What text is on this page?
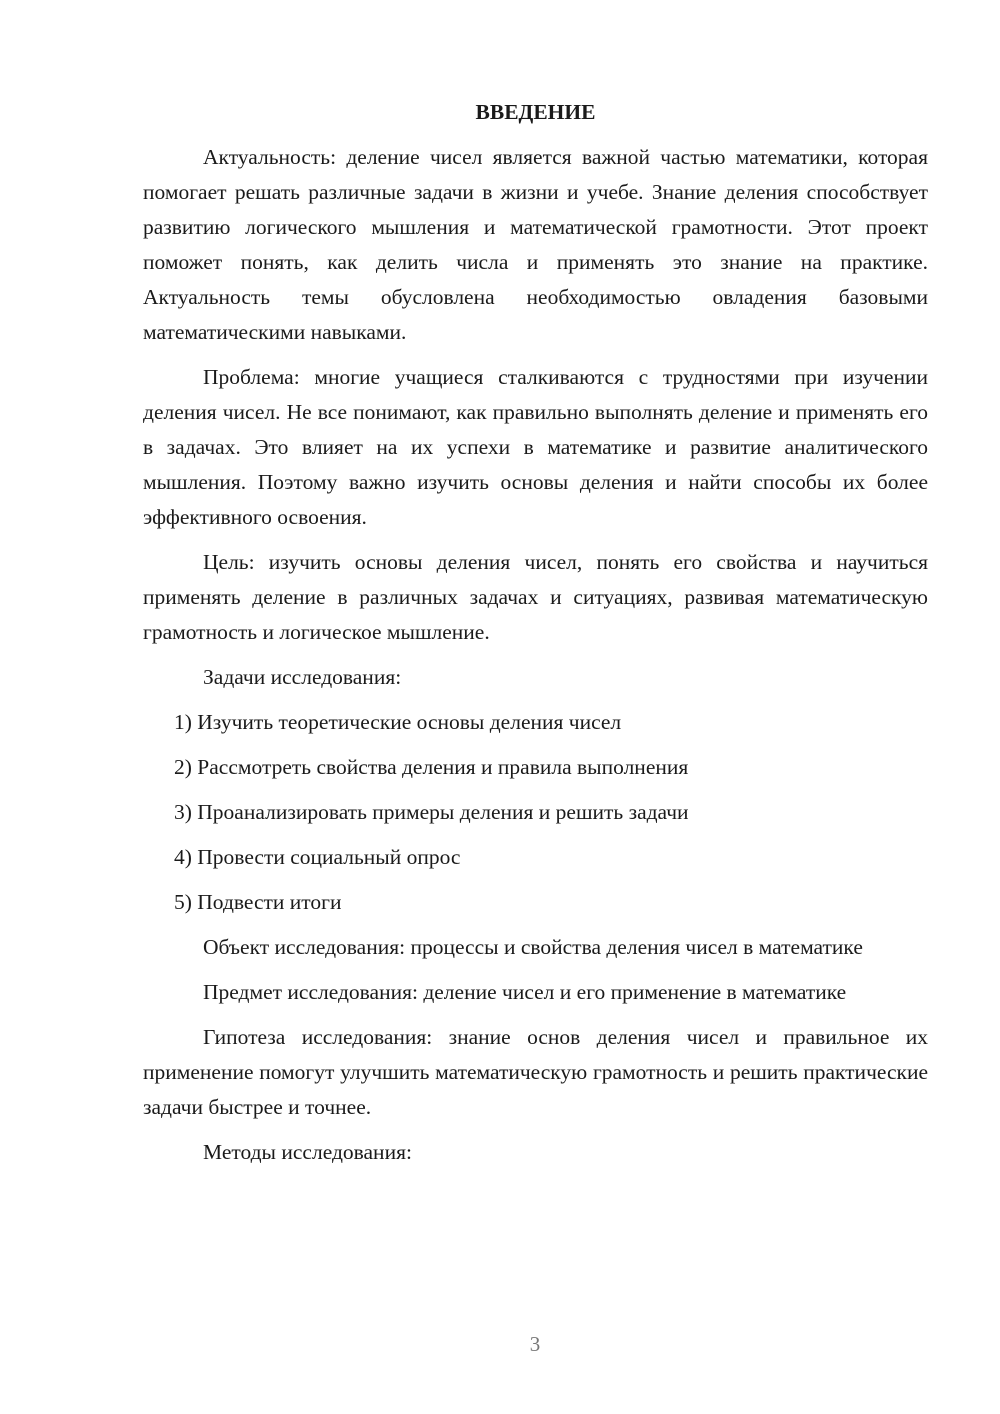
ВВЕДЕНИЕ

Актуальность: деление чисел является важной частью математики, которая помогает решать различные задачи в жизни и учебе. Знание деления способствует развитию логического мышления и математической грамотности. Этот проект поможет понять, как делить числа и применять это знание на практике. Актуальность темы обусловлена необходимостью овладения базовыми математическими навыками.

Проблема: многие учащиеся сталкиваются с трудностями при изучении деления чисел. Не все понимают, как правильно выполнять деление и применять его в задачах. Это влияет на их успехи в математике и развитие аналитического мышления. Поэтому важно изучить основы деления и найти способы их более эффективного освоения.

Цель: изучить основы деления чисел, понять его свойства и научиться применять деление в различных задачах и ситуациях, развивая математическую грамотность и логическое мышление.

Задачи исследования:

1) Изучить теоретические основы деления чисел

2) Рассмотреть свойства деления и правила выполнения

3) Проанализировать примеры деления и решить задачи

4) Провести социальный опрос

5) Подвести итоги

Объект исследования: процессы и свойства деления чисел в математике

Предмет исследования: деление чисел и его применение в математике

Гипотеза исследования: знание основ деления чисел и правильное их применение помогут улучшить математическую грамотность и решить практические задачи быстрее и точнее.

Методы исследования:

3
